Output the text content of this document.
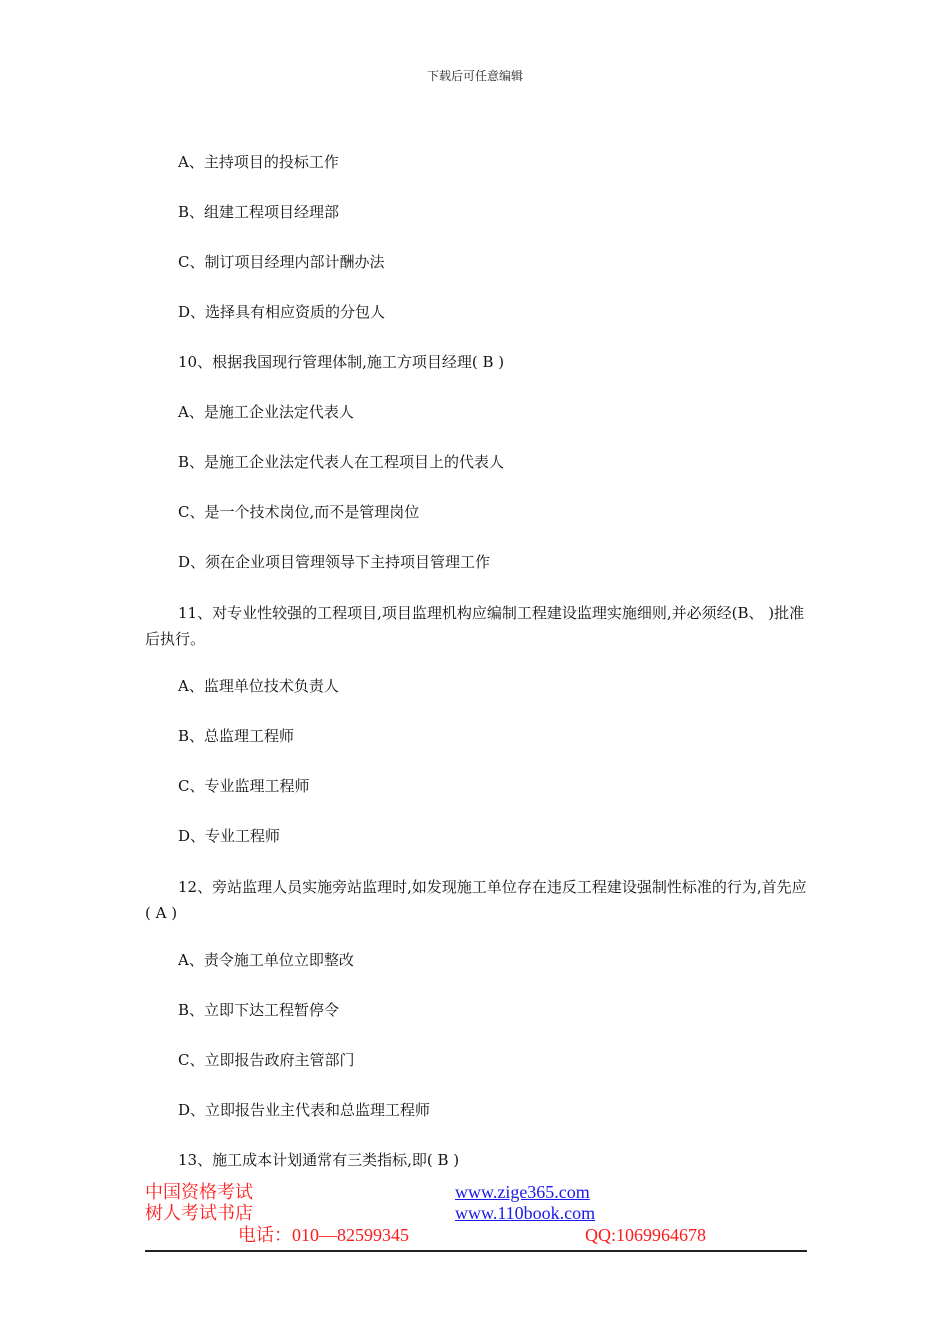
下载后可任意编辑
A、主持项目的投标工作
B、组建工程项目经理部
C、制订项目经理内部计酬办法
D、选择具有相应资质的分包人
10、根据我国现行管理体制,施工方项目经理( B )
A、是施工企业法定代表人
B、是施工企业法定代表人在工程项目上的代表人
C、是一个技术岗位,而不是管理岗位
D、须在企业项目管理领导下主持项目管理工作
11、对专业性较强的工程项目,项目监理机构应编制工程建设监理实施细则,并必须经(B、 )批准后执行。
A、监理单位技术负责人
B、总监理工程师
C、专业监理工程师
D、专业工程师
12、旁站监理人员实施旁站监理时,如发现施工单位存在违反工程建设强制性标准的行为,首先应( A )
A、责令施工单位立即整改
B、立即下达工程暂停令
C、立即报告政府主管部门
D、立即报告业主代表和总监理工程师
13、施工成本计划通常有三类指标,即( B )
中国资格考试
树人考试书店
电话：010—82599345
www.zige365.com
www.110book.com
QQ:1069964678
